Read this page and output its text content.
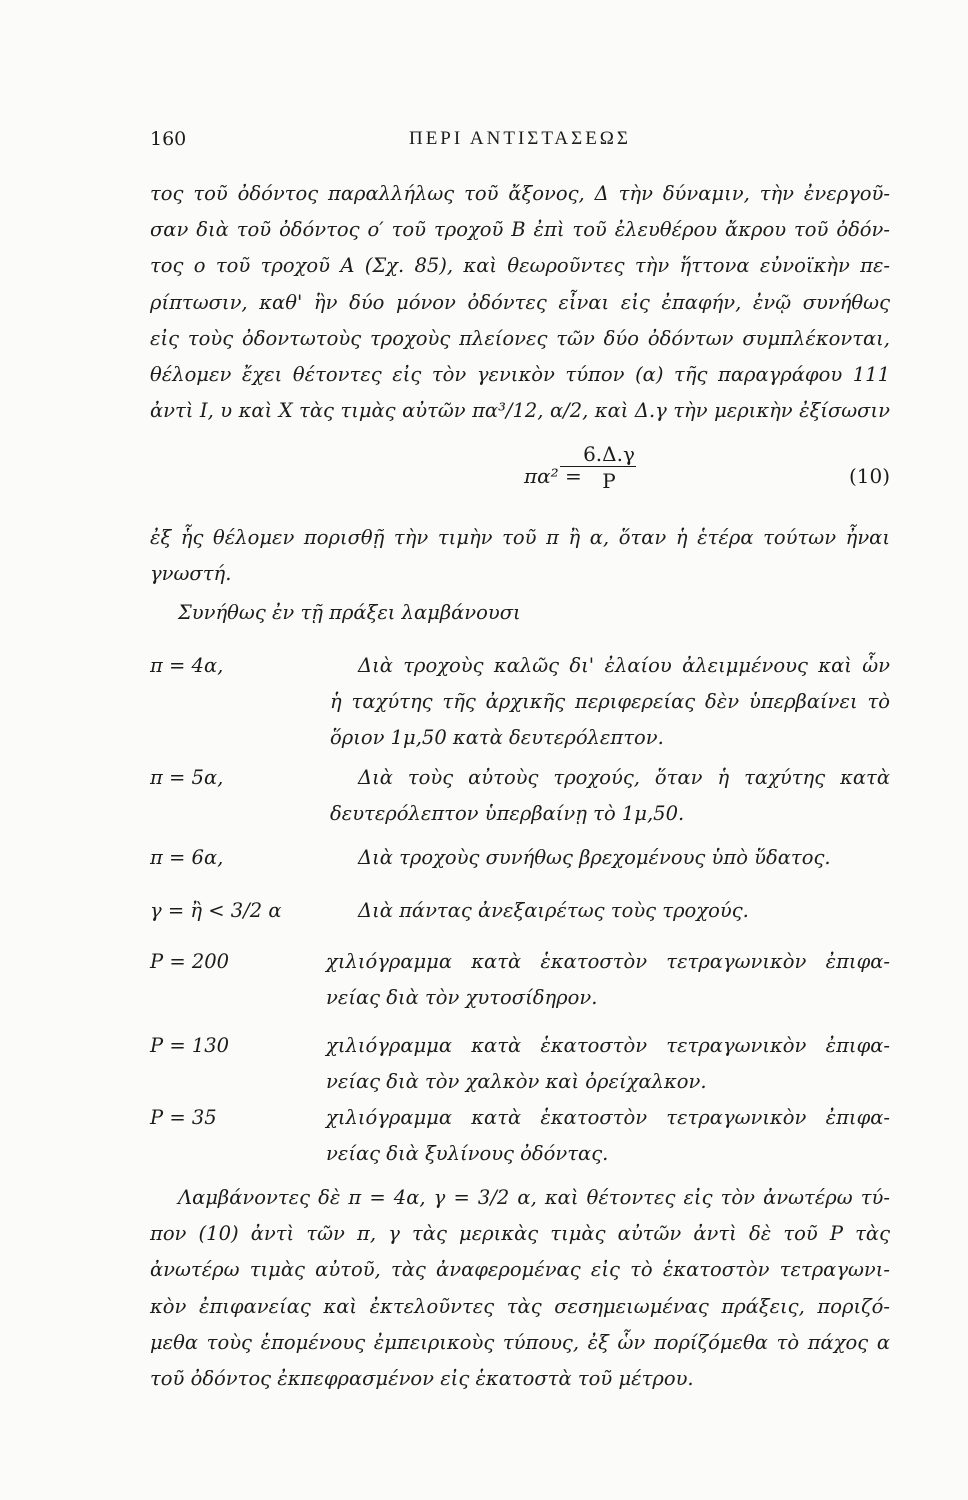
160	ΠΕΡΙ ΑΝΤΙΣΤΑΣΕΩΣ
τος τοῦ ὀδόντος παραλλήλως τοῦ ἄξονος, Δ τὴν δύναμιν, τὴν ἐνεργοῦ-
σαν διὰ τοῦ ὀδόντος ο′ τοῦ τροχοῦ Β ἐπὶ τοῦ ἐλευθέρου ἄκρου τοῦ ὀδόν-
τος ο τοῦ τροχοῦ Α (Σχ. 85), καὶ θεωροῦντες τὴν ἥττονα εὐνοϊκὴν πε-
ρίπτωσιν, καθ' ἣν δύο μόνον ὀδόντες εἶναι εἰς ἐπαφήν, ἐνῷ συνήθως
εἰς τοὺς ὀδοντωτοὺς τροχοὺς πλείονες τῶν δύο ὀδόντων συμπλέκονται,
θέλομεν ἔχει θέτοντες εἰς τὸν γενικὸν τύπον (α) τῆς παραγράφου 111
ἀντὶ Ι, υ καὶ Χ τὰς τιμὰς αὐτῶν πα³/12, α/2, καὶ Δ.γ τὴν μερικὴν ἐξίσωσιν
πα² =
6.Δ.γ
P	(10)
ἐξ ἧς θέλομεν πορισθῇ τὴν τιμὴν τοῦ π ἢ α, ὅταν ἡ ἑτέρα τούτων ἦναι
γνωστή.
Συνήθως ἐν τῇ πράξει λαμβάνουσι
π = 4α,	Διὰ τροχοὺς καλῶς δι' ἐλαίου ἀλειμμένους καὶ ὧν
ἡ ταχύτης τῆς ἀρχικῆς περιφερείας δὲν ὑπερβαίνει τὸ
ὅριον 1μ,50 κατὰ δευτερόλεπτον.
π = 5α,	Διὰ τοὺς αὐτοὺς τροχούς, ὅταν ἡ ταχύτης κατὰ
δευτερόλεπτον ὑπερβαίνῃ τὸ 1μ,50.
π = 6α,	Διὰ τροχοὺς συνήθως βρεχομένους ὑπὸ ὕδατος.
γ = ἢ < 3/2 α	Διὰ πάντας ἀνεξαιρέτως τοὺς τροχούς.
P = 200	χιλιόγραμμα κατὰ ἑκατοστὸν τετραγωνικὸν ἐπιφα-
νείας διὰ τὸν χυτοσίδηρον.
P = 130	χιλιόγραμμα κατὰ ἑκατοστὸν τετραγωνικὸν ἐπιφα-
νείας διὰ τὸν χαλκὸν καὶ ὀρείχαλκον.
P = 35	χιλιόγραμμα κατὰ ἑκατοστὸν τετραγωνικὸν ἐπιφα-
νείας διὰ ξυλίνους ὀδόντας.
Λαμβάνοντες δὲ π = 4α, γ = 3/2 α, καὶ θέτοντες εἰς τὸν ἀνωτέρω τύ-
πον (10) ἀντὶ τῶν π, γ τὰς μερικὰς τιμὰς αὐτῶν ἀντὶ δὲ τοῦ Ρ τὰς
ἀνωτέρω τιμὰς αὐτοῦ, τὰς ἀναφερομένας εἰς τὸ ἑκατοστὸν τετραγωνι-
κὸν ἐπιφανείας καὶ ἐκτελοῦντες τὰς σεσημειωμένας πράξεις, πoριζό-
μεθα τοὺς ἑπομένους ἐμπειρικοὺς τύπους, ἐξ ὧν πορίζόμεθα τὸ πάχος α
τοῦ ὀδόντος ἐκπεφρασμένον εἰς ἑκατοστὰ τοῦ μέτρου.
